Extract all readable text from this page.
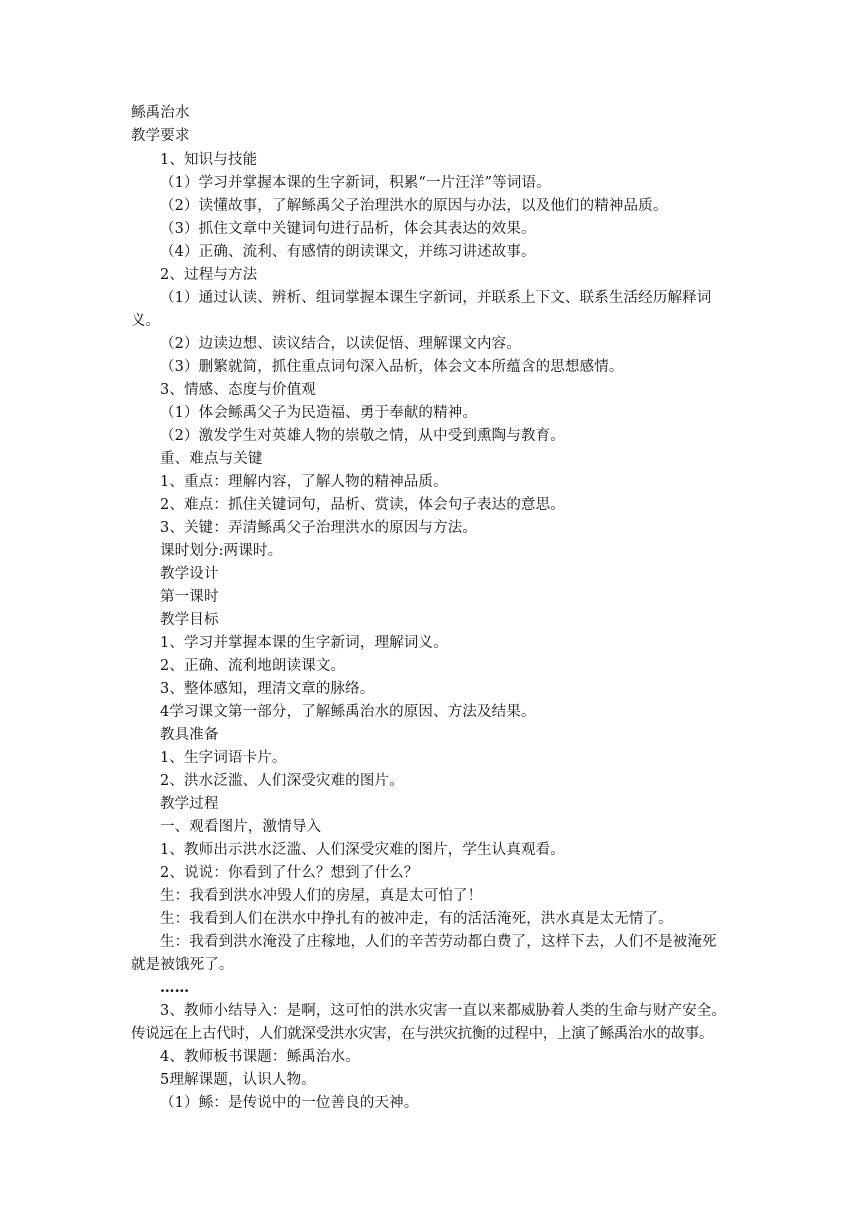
鲧禹治水
教学要求
1、知识与技能
（1）学习并掌握本课的生字新词，积累“一片汪洋”等词语。
（2）读懂故事，了解鲧禹父子治理洪水的原因与办法，以及他们的精神品质。
（3）抓住文章中关键词句进行品析，体会其表达的效果。
（4）正确、流利、有感情的朗读课文，并练习讲述故事。
2、过程与方法
（1）通过认读、辨析、组词掌握本课生字新词，并联系上下文、联系生活经历解释词
义。
（2）边读边想、读议结合，以读促悟、理解课文内容。
（3）删繁就简，抓住重点词句深入品析，体会文本所蕴含的思想感情。
3、情感、态度与价值观
（1）体会鲧禹父子为民造福、勇于奉献的精神。
（2）激发学生对英雄人物的崇敬之情，从中受到熏陶与教育。
重、难点与关键
1、重点：理解内容，了解人物的精神品质。
2、难点：抓住关键词句，品析、赏读，体会句子表达的意思。
3、关键：弄清鲧禹父子治理洪水的原因与方法。
课时划分:两课时。
教学设计
第一课时
教学目标
1、学习并掌握本课的生字新词，理解词义。
2、正确、流利地朗读课文。
3、整体感知，理清文章的脉络。
4学习课文第一部分，了解鲧禹治水的原因、方法及结果。
教具准备
1、生字词语卡片。
2、洪水泛滥、人们深受灾难的图片。
教学过程
一、观看图片，激情导入
1、教师出示洪水泛滥、人们深受灾难的图片，学生认真观看。
2、说说：你看到了什么？想到了什么？
生：我看到洪水冲毁人们的房屋，真是太可怕了！
生：我看到人们在洪水中挣扎有的被冲走，有的活活淹死，洪水真是太无情了。
生：我看到洪水淹没了庄稼地，人们的辛苦劳动都白费了，这样下去，人们不是被淹死
就是被饿死了。
……
3、教师小结导入：是啊，这可怕的洪水灾害一直以来都威胁着人类的生命与财产安全。
传说远在上古代时，人们就深受洪水灾害，在与洪灾抗衡的过程中，上演了鲧禹治水的故事。
4、教师板书课题：鲧禹治水。
5理解课题，认识人物。
（1）鲧：是传说中的一位善良的天神。
